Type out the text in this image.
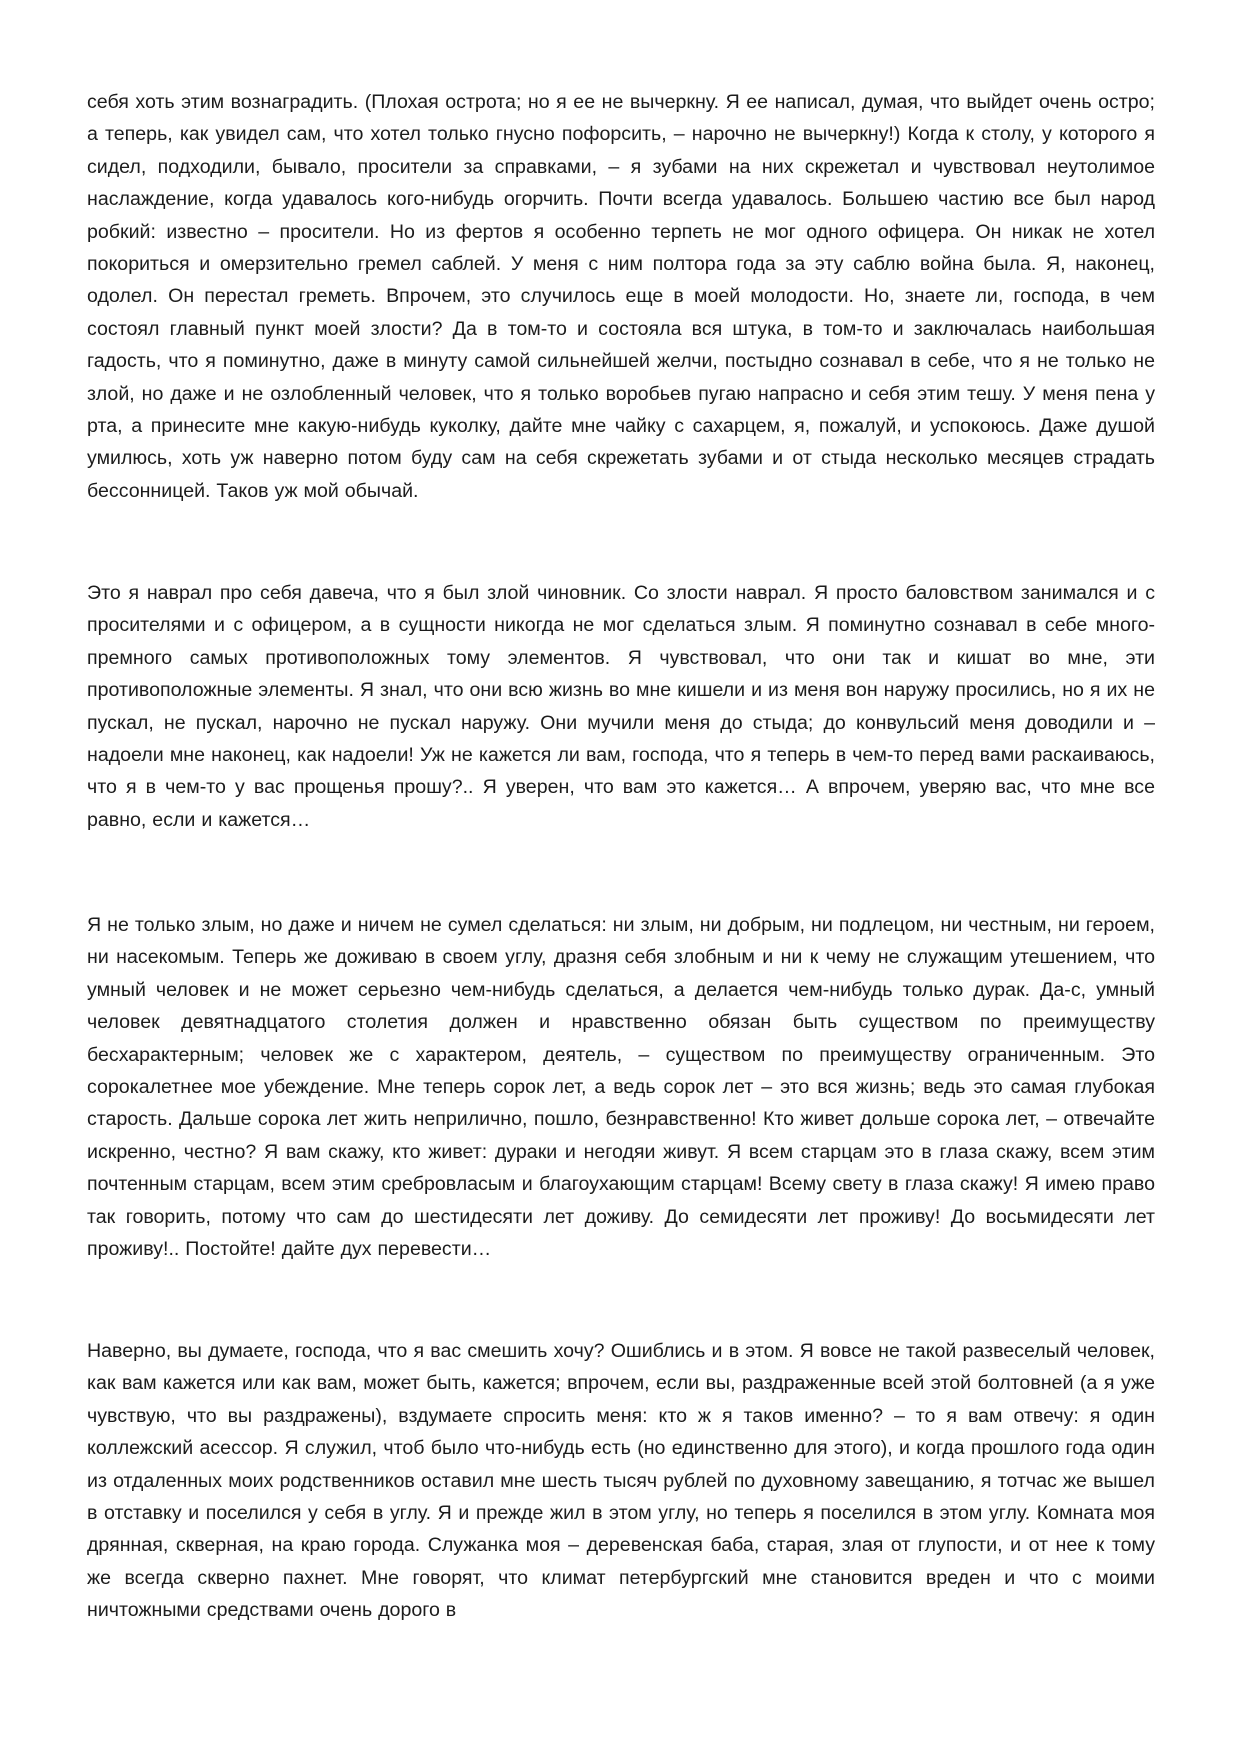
себя хоть этим вознаградить. (Плохая острота; но я ее не вычеркну. Я ее написал, думая, что выйдет очень остро; а теперь, как увидел сам, что хотел только гнусно пофорсить, – нарочно не вычеркну!) Когда к столу, у которого я сидел, подходили, бывало, просители за справками, – я зубами на них скрежетал и чувствовал неутолимое наслаждение, когда удавалось кого-нибудь огорчить. Почти всегда удавалось. Большею частию все был народ робкий: известно – просители. Но из фертов я особенно терпеть не мог одного офицера. Он никак не хотел покориться и омерзительно гремел саблей. У меня с ним полтора года за эту саблю война была. Я, наконец, одолел. Он перестал греметь. Впрочем, это случилось еще в моей молодости. Но, знаете ли, господа, в чем состоял главный пункт моей злости? Да в том-то и состояла вся штука, в том-то и заключалась наибольшая гадость, что я поминутно, даже в минуту самой сильнейшей желчи, постыдно сознавал в себе, что я не только не злой, но даже и не озлобленный человек, что я только воробьев пугаю напрасно и себя этим тешу. У меня пена у рта, а принесите мне какую-нибудь куколку, дайте мне чайку с сахарцем, я, пожалуй, и успокоюсь. Даже душой умилюсь, хоть уж наверно потом буду сам на себя скрежетать зубами и от стыда несколько месяцев страдать бессонницей. Таков уж мой обычай.

Это я наврал про себя давеча, что я был злой чиновник. Со злости наврал. Я просто баловством занимался и с просителями и с офицером, а в сущности никогда не мог сделаться злым. Я поминутно сознавал в себе много-премного самых противоположных тому элементов. Я чувствовал, что они так и кишат во мне, эти противоположные элементы. Я знал, что они всю жизнь во мне кишели и из меня вон наружу просились, но я их не пускал, не пускал, нарочно не пускал наружу. Они мучили меня до стыда; до конвульсий меня доводили и – надоели мне наконец, как надоели! Уж не кажется ли вам, господа, что я теперь в чем-то перед вами раскаиваюсь, что я в чем-то у вас прощенья прошу?.. Я уверен, что вам это кажется… А впрочем, уверяю вас, что мне все равно, если и кажется…

Я не только злым, но даже и ничем не сумел сделаться: ни злым, ни добрым, ни подлецом, ни честным, ни героем, ни насекомым. Теперь же доживаю в своем углу, дразня себя злобным и ни к чему не служащим утешением, что умный человек и не может серьезно чем-нибудь сделаться, а делается чем-нибудь только дурак. Да-с, умный человек девятнадцатого столетия должен и нравственно обязан быть существом по преимуществу бесхарактерным; человек же с характером, деятель, – существом по преимуществу ограниченным. Это сорокалетнее мое убеждение. Мне теперь сорок лет, а ведь сорок лет – это вся жизнь; ведь это самая глубокая старость. Дальше сорока лет жить неприлично, пошло, безнравственно! Кто живет дольше сорока лет, – отвечайте искренно, честно? Я вам скажу, кто живет: дураки и негодяи живут. Я всем старцам это в глаза скажу, всем этим почтенным старцам, всем этим сребровласым и благоухающим старцам! Всему свету в глаза скажу! Я имею право так говорить, потому что сам до шестидесяти лет доживу. До семидесяти лет проживу! До восьмидесяти лет проживу!.. Постойте! дайте дух перевести…

Наверно, вы думаете, господа, что я вас смешить хочу? Ошиблись и в этом. Я вовсе не такой развеселый человек, как вам кажется или как вам, может быть, кажется; впрочем, если вы, раздраженные всей этой болтовней (а я уже чувствую, что вы раздражены), вздумаете спросить меня: кто ж я таков именно? – то я вам отвечу: я один коллежский асессор. Я служил, чтоб было что-нибудь есть (но единственно для этого), и когда прошлого года один из отдаленных моих родственников оставил мне шесть тысяч рублей по духовному завещанию, я тотчас же вышел в отставку и поселился у себя в углу. Я и прежде жил в этом углу, но теперь я поселился в этом углу. Комната моя дрянная, скверная, на краю города. Служанка моя – деревенская баба, старая, злая от глупости, и от нее к тому же всегда скверно пахнет. Мне говорят, что климат петербургский мне становится вреден и что с моими ничтожными средствами очень дорого в
